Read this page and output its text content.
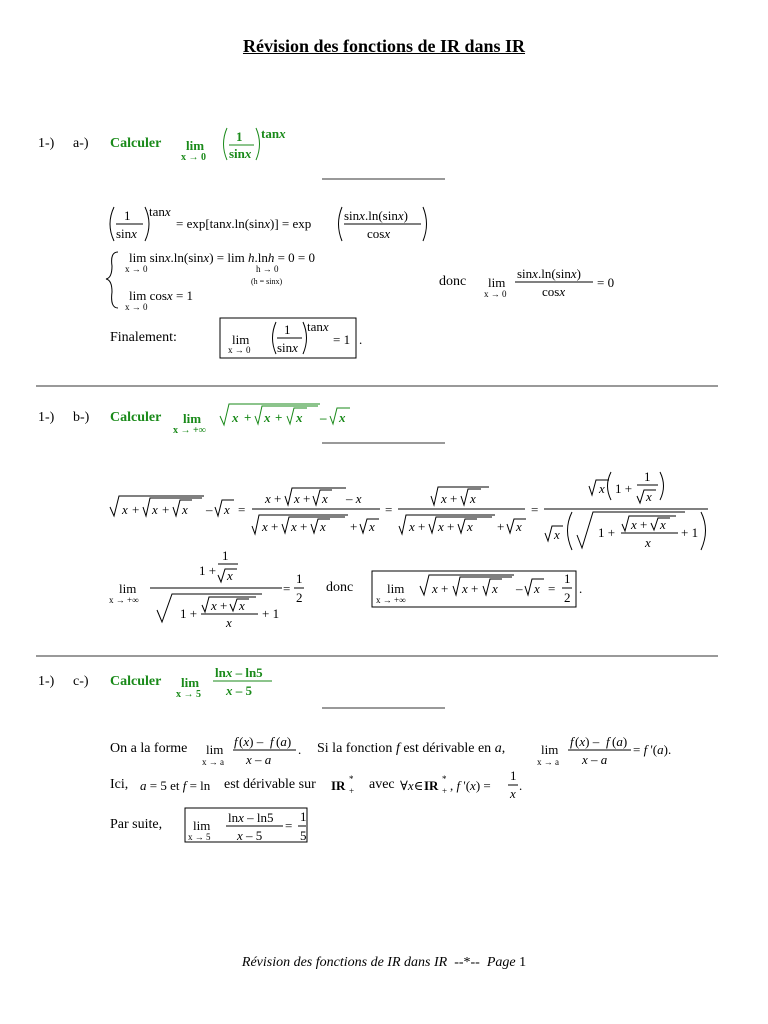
Révision des fonctions de IR dans IR
1-) a-) Calculer lim
x → 0
1
sinx
tanx
1
sinx
tanx
= exp[tanx.ln(sinx)] = exp
sinx.ln(sinx)
cosx
lim sinx.ln(sinx) = lim h.lnh = 0 = 0
x → 0	h → 0
(h = sinx)
lim cosx = 1
x → 0
lim
x → 0
sinx.ln(sinx)
cosx
= 0
lim
x → 0
1
sinx
tanx
= 1 .
lim
x → +∞
x + x + x – x
x + x + x – x =
x + x + x – x
x + x + x + x
=
x + x
x + x + x + x
=
x 1 +
1
x
x	1 +
x + x
x
+ 1
lim
x → +∞
1
1 + x
1 +
x + x
x
+ 1
=
1
2
lim
x → +∞
x + x + x – x =
1
2
.
lim
x → 5
lnx – ln5
x – 5
lim
x → a
f (x) – f (a)
x – a
.	lim
x → a
f (x) – f (a)
x – a
= f '(a).
a = 5 et f = ln	IR *
+	∀x∈ IR *
+ , f '(x) =
1
x
.
lim
x → 5
lnx – ln5
x – 5
=
1
5
Finalement:
donc
1-) b-) Calculer
donc
1-) c-) Calculer
On a la forme	Si la fonction f est dérivable en a,
Ici,	est dérivable sur	avec
Par suite,
Révision des fonctions de IR dans IR --*-- Page 1
